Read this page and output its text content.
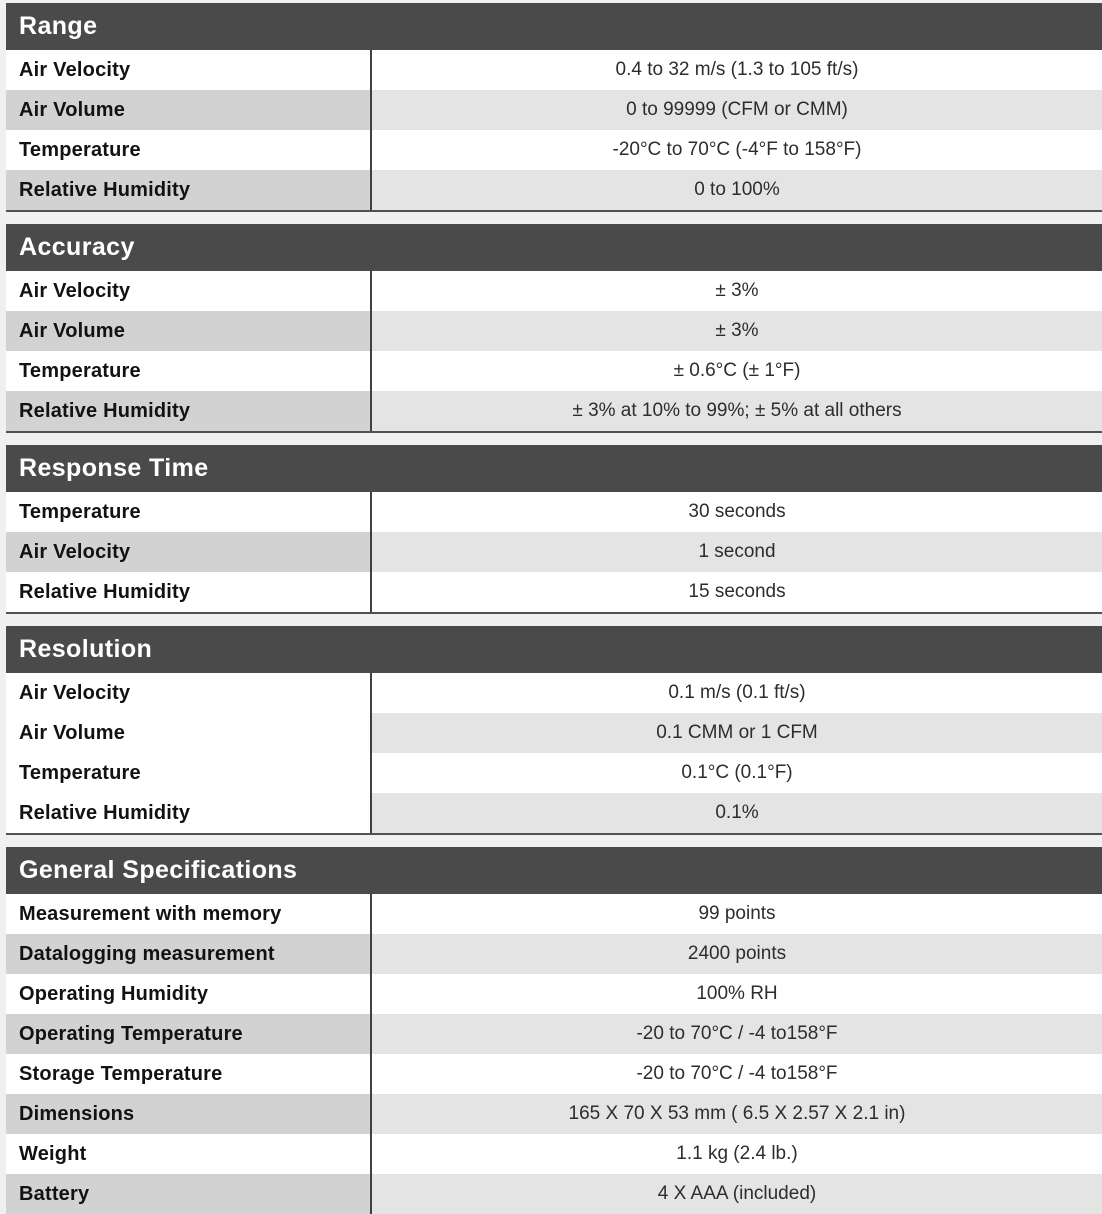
Range
Air Velocity	0.4 to 32 m/s (1.3 to 105 ft/s)
Air Volume	0 to 99999 (CFM or CMM)
Temperature	-20°C to 70°C (-4°F to 158°F)
Relative Humidity	0 to 100%
Accuracy
Air Velocity	± 3%
Air Volume	± 3%
Temperature	± 0.6°C (± 1°F)
Relative Humidity	± 3% at 10% to 99%; ± 5% at all others
Response Time
Temperature	30 seconds
Air Velocity	1 second
Relative Humidity	15 seconds
Resolution
Air Velocity	0.1 m/s (0.1 ft/s)
Air Volume	0.1 CMM or 1 CFM
Temperature	0.1°C (0.1°F)
Relative Humidity	0.1%
General Specifications
Measurement with memory	99 points
Datalogging measurement	2400 points
Operating Humidity	100% RH
Operating Temperature	-20 to 70°C / -4 to158°F
Storage Temperature	-20 to 70°C / -4 to158°F
Dimensions	165 X 70 X 53 mm ( 6.5 X 2.57 X 2.1 in)
Weight	1.1 kg (2.4 lb.)
Battery	4 X AAA (included)
